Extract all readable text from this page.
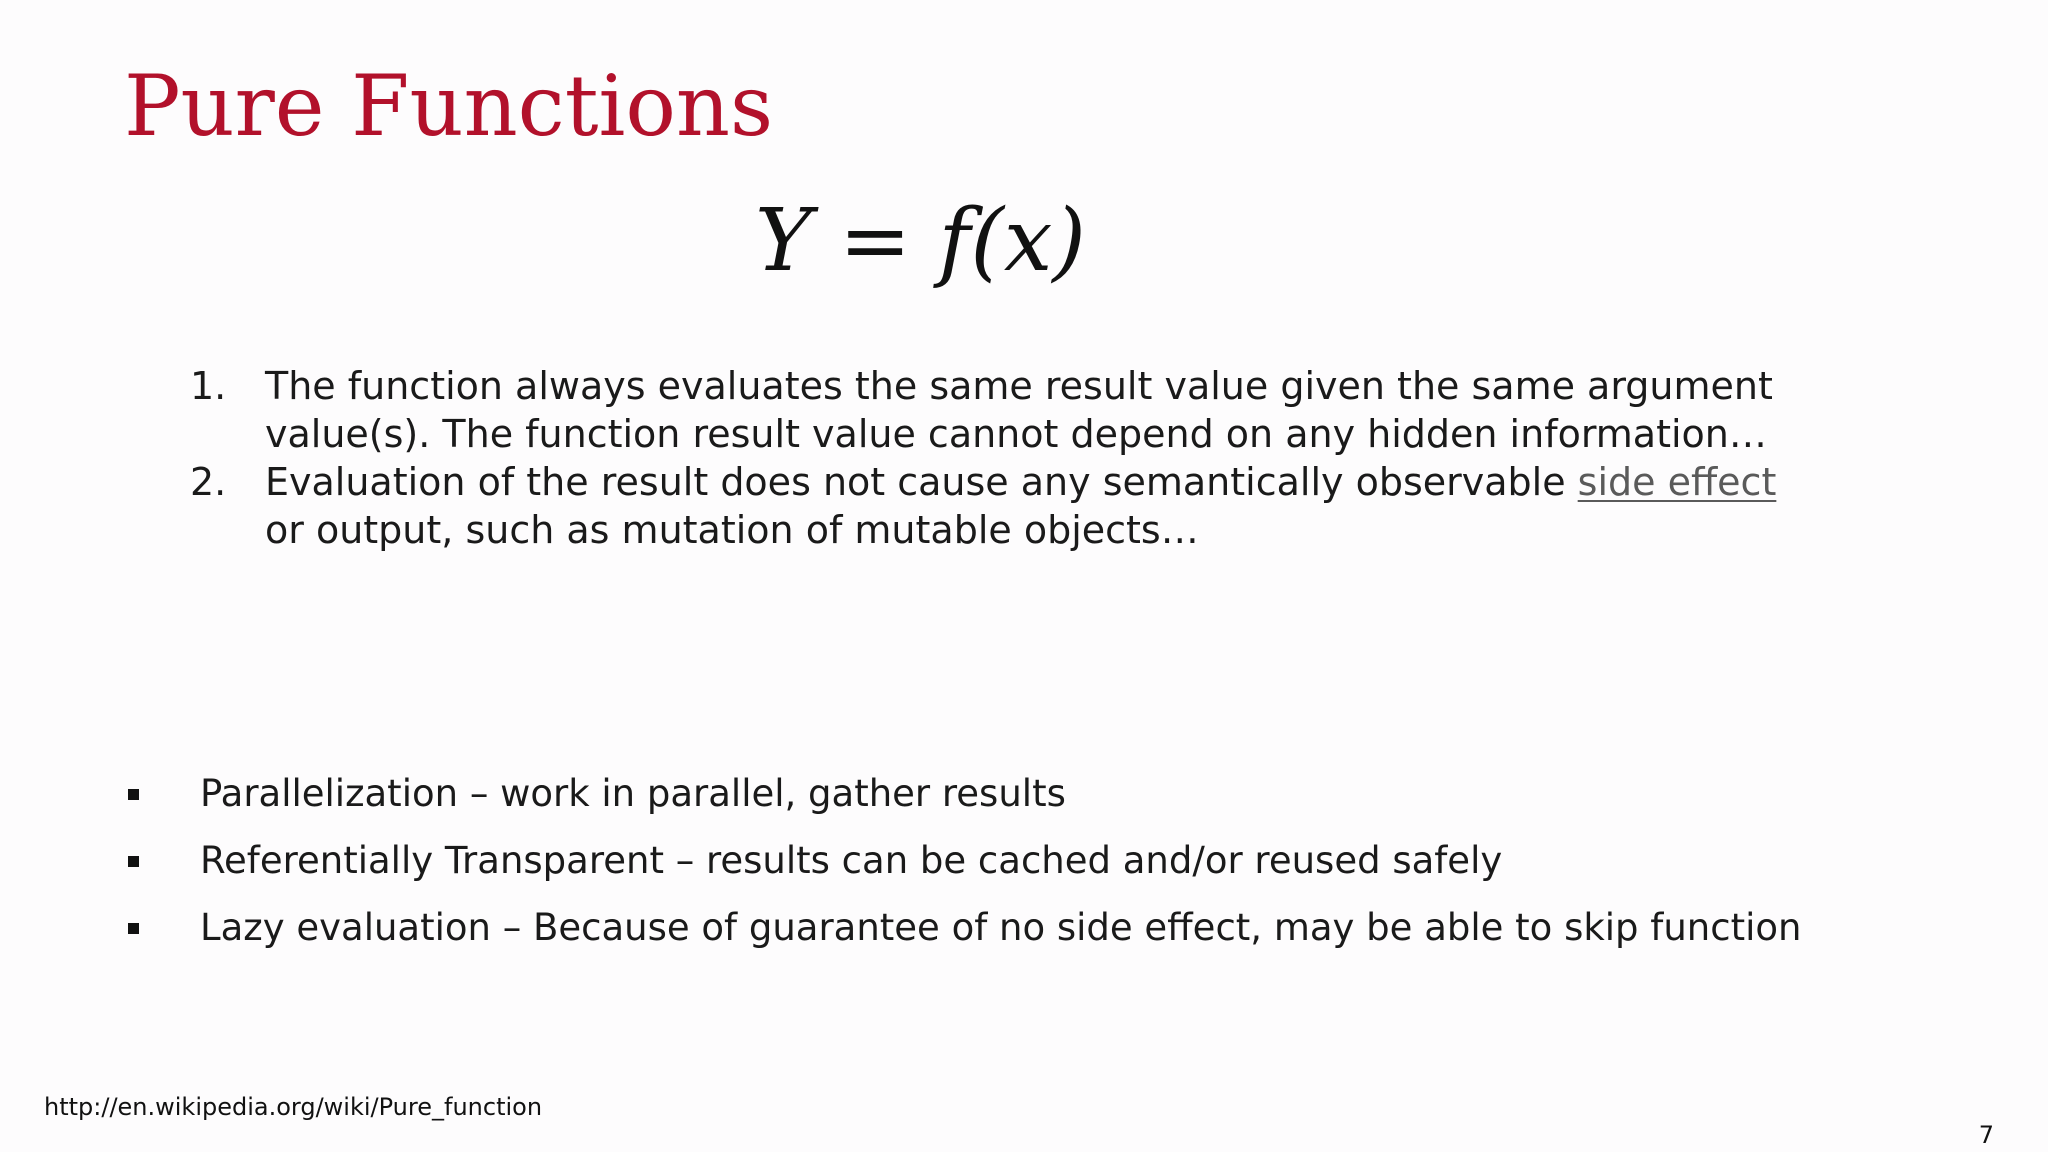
Pure Functions
Y = f(x)
1. The function always evaluates the same result value given the same argument value(s). The function result value cannot depend on any hidden information…
2. Evaluation of the result does not cause any semantically observable side effect or output, such as mutation of mutable objects…
Parallelization – work in parallel, gather results
Referentially Transparent – results can be cached and/or reused safely
Lazy evaluation – Because of guarantee of no side effect, may be able to skip function
http://en.wikipedia.org/wiki/Pure_function
7
